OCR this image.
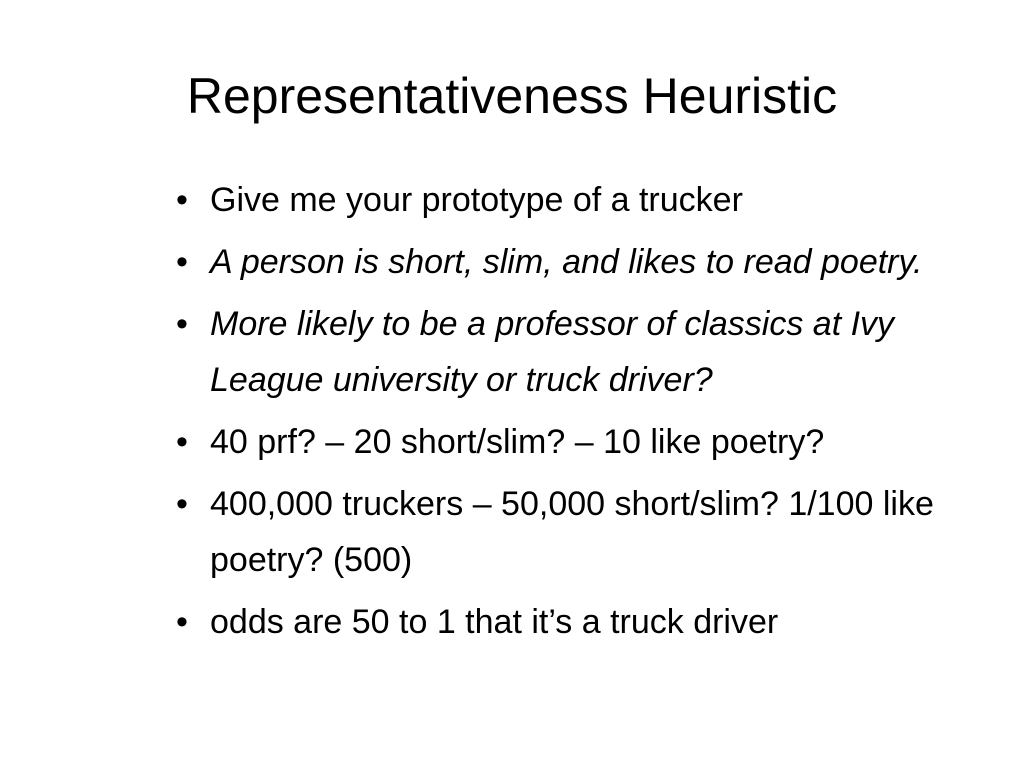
Representativeness Heuristic
• Give me your prototype of a trucker
• A person is short, slim, and likes to read poetry.
• More likely to be a professor of classics at Ivy League university or truck driver?
• 40 prf? – 20 short/slim? – 10 like poetry?
• 400,000 truckers – 50,000 short/slim? 1/100 like poetry? (500)
• odds are 50 to 1 that it’s a truck driver
